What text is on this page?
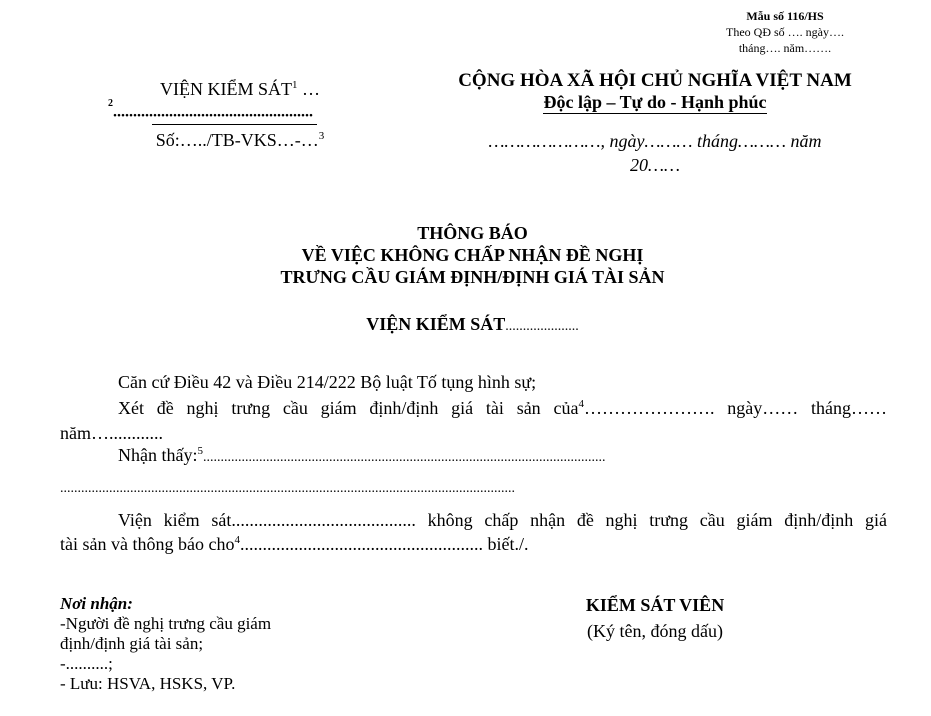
Mẫu số 116/HS
Theo QĐ số …. ngày….
tháng…. năm…….
VIỆN KIỂM SÁT$^1$ …
$^2$..................................................
Số:…../TB-VKS…-…$^3$
CỘNG HÒA XÃ HỘI CHỦ NGHĨA VIỆT NAM
Độc lập – Tự do - Hạnh phúc
…………………, ngày……… tháng……… năm
20……
THÔNG BÁO
VỀ VIỆC KHÔNG CHẤP NHẬN ĐỀ NGHỊ
TRƯNG CẦU GIÁM ĐỊNH/ĐỊNH GIÁ TÀI SẢN
VIỆN KIỂM SÁT.....................
Căn cứ Điều 42 và Điều 214/222 Bộ luật Tố tụng hình sự;
Xét đề nghị trưng cầu giám định/định giá tài sản của$^4$…………………. ngày…… tháng……
năm…............
Nhận thấy:$^5$...................................................................................................................
..................................................................................................................................
Viện kiểm sát......................................... không chấp nhận đề nghị trưng cầu giám định/định giá
tài sản và thông báo cho$^4$...................................................... biết./.
Nơi nhận:
-Người đề nghị trưng cầu giám
định/định giá tài sản;
-..........;
- Lưu: HSVA, HSKS, VP.
KIỂM SÁT VIÊN
(Ký tên, đóng dấu)
